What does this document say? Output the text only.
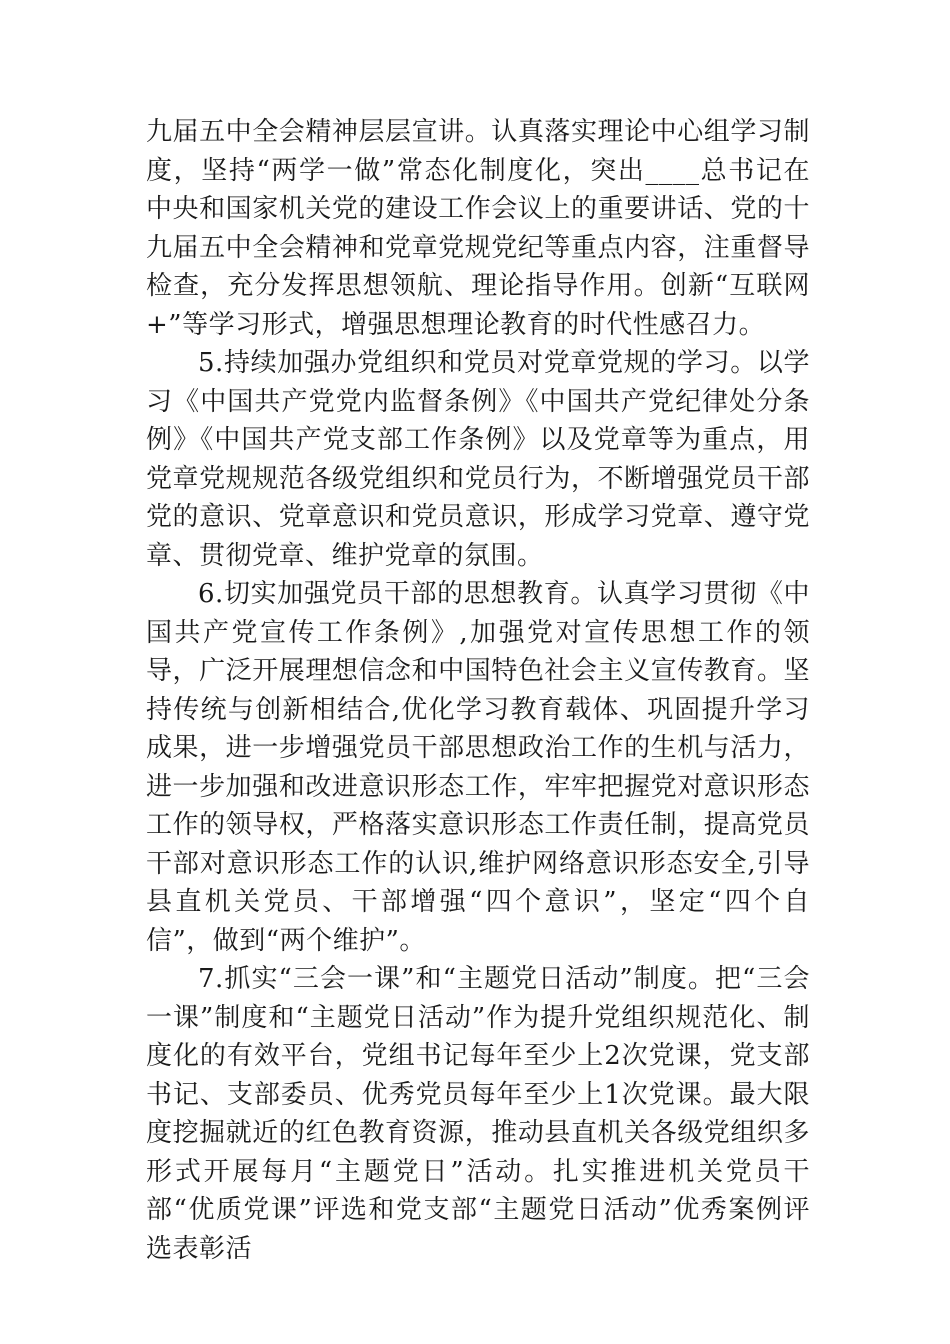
九届五中全会精神层层宣讲。认真落实理论中心组学习制度，坚持“两学一做”常态化制度化，突出____总书记在中央和国家机关党的建设工作会议上的重要讲话、党的十九届五中全会精神和党章党规党纪等重点内容，注重督导检查，充分发挥思想领航、理论指导作用。创新“互联网+”等学习形式，增强思想理论教育的时代性感召力。

5.持续加强办党组织和党员对党章党规的学习。以学习《中国共产党党内监督条例》《中国共产党纪律处分条例》《中国共产党支部工作条例》以及党章等为重点，用党章党规规范各级党组织和党员行为，不断增强党员干部党的意识、党章意识和党员意识，形成学习党章、遵守党章、贯彻党章、维护党章的氛围。

6.切实加强党员干部的思想教育。认真学习贯彻《中国共产党宣传工作条例》,加强党对宣传思想工作的领导，广泛开展理想信念和中国特色社会主义宣传教育。坚持传统与创新相结合,优化学习教育载体、巩固提升学习成果，进一步增强党员干部思想政治工作的生机与活力，进一步加强和改进意识形态工作，牢牢把握党对意识形态工作的领导权，严格落实意识形态工作责任制，提高党员干部对意识形态工作的认识,维护网络意识形态安全,引导县直机关党员、干部增强“四个意识”，坚定“四个自信”，做到“两个维护”。

7.抓实“三会一课”和“主题党日活动”制度。把“三会一课”制度和“主题党日活动”作为提升党组织规范化、制度化的有效平台，党组书记每年至少上2次党课，党支部书记、支部委员、优秀党员每年至少上1次党课。最大限度挖掘就近的红色教育资源，推动县直机关各级党组织多形式开展每月“主题党日”活动。扎实推进机关党员干部“优质党课”评选和党支部“主题党日活动”优秀案例评选表彰活
